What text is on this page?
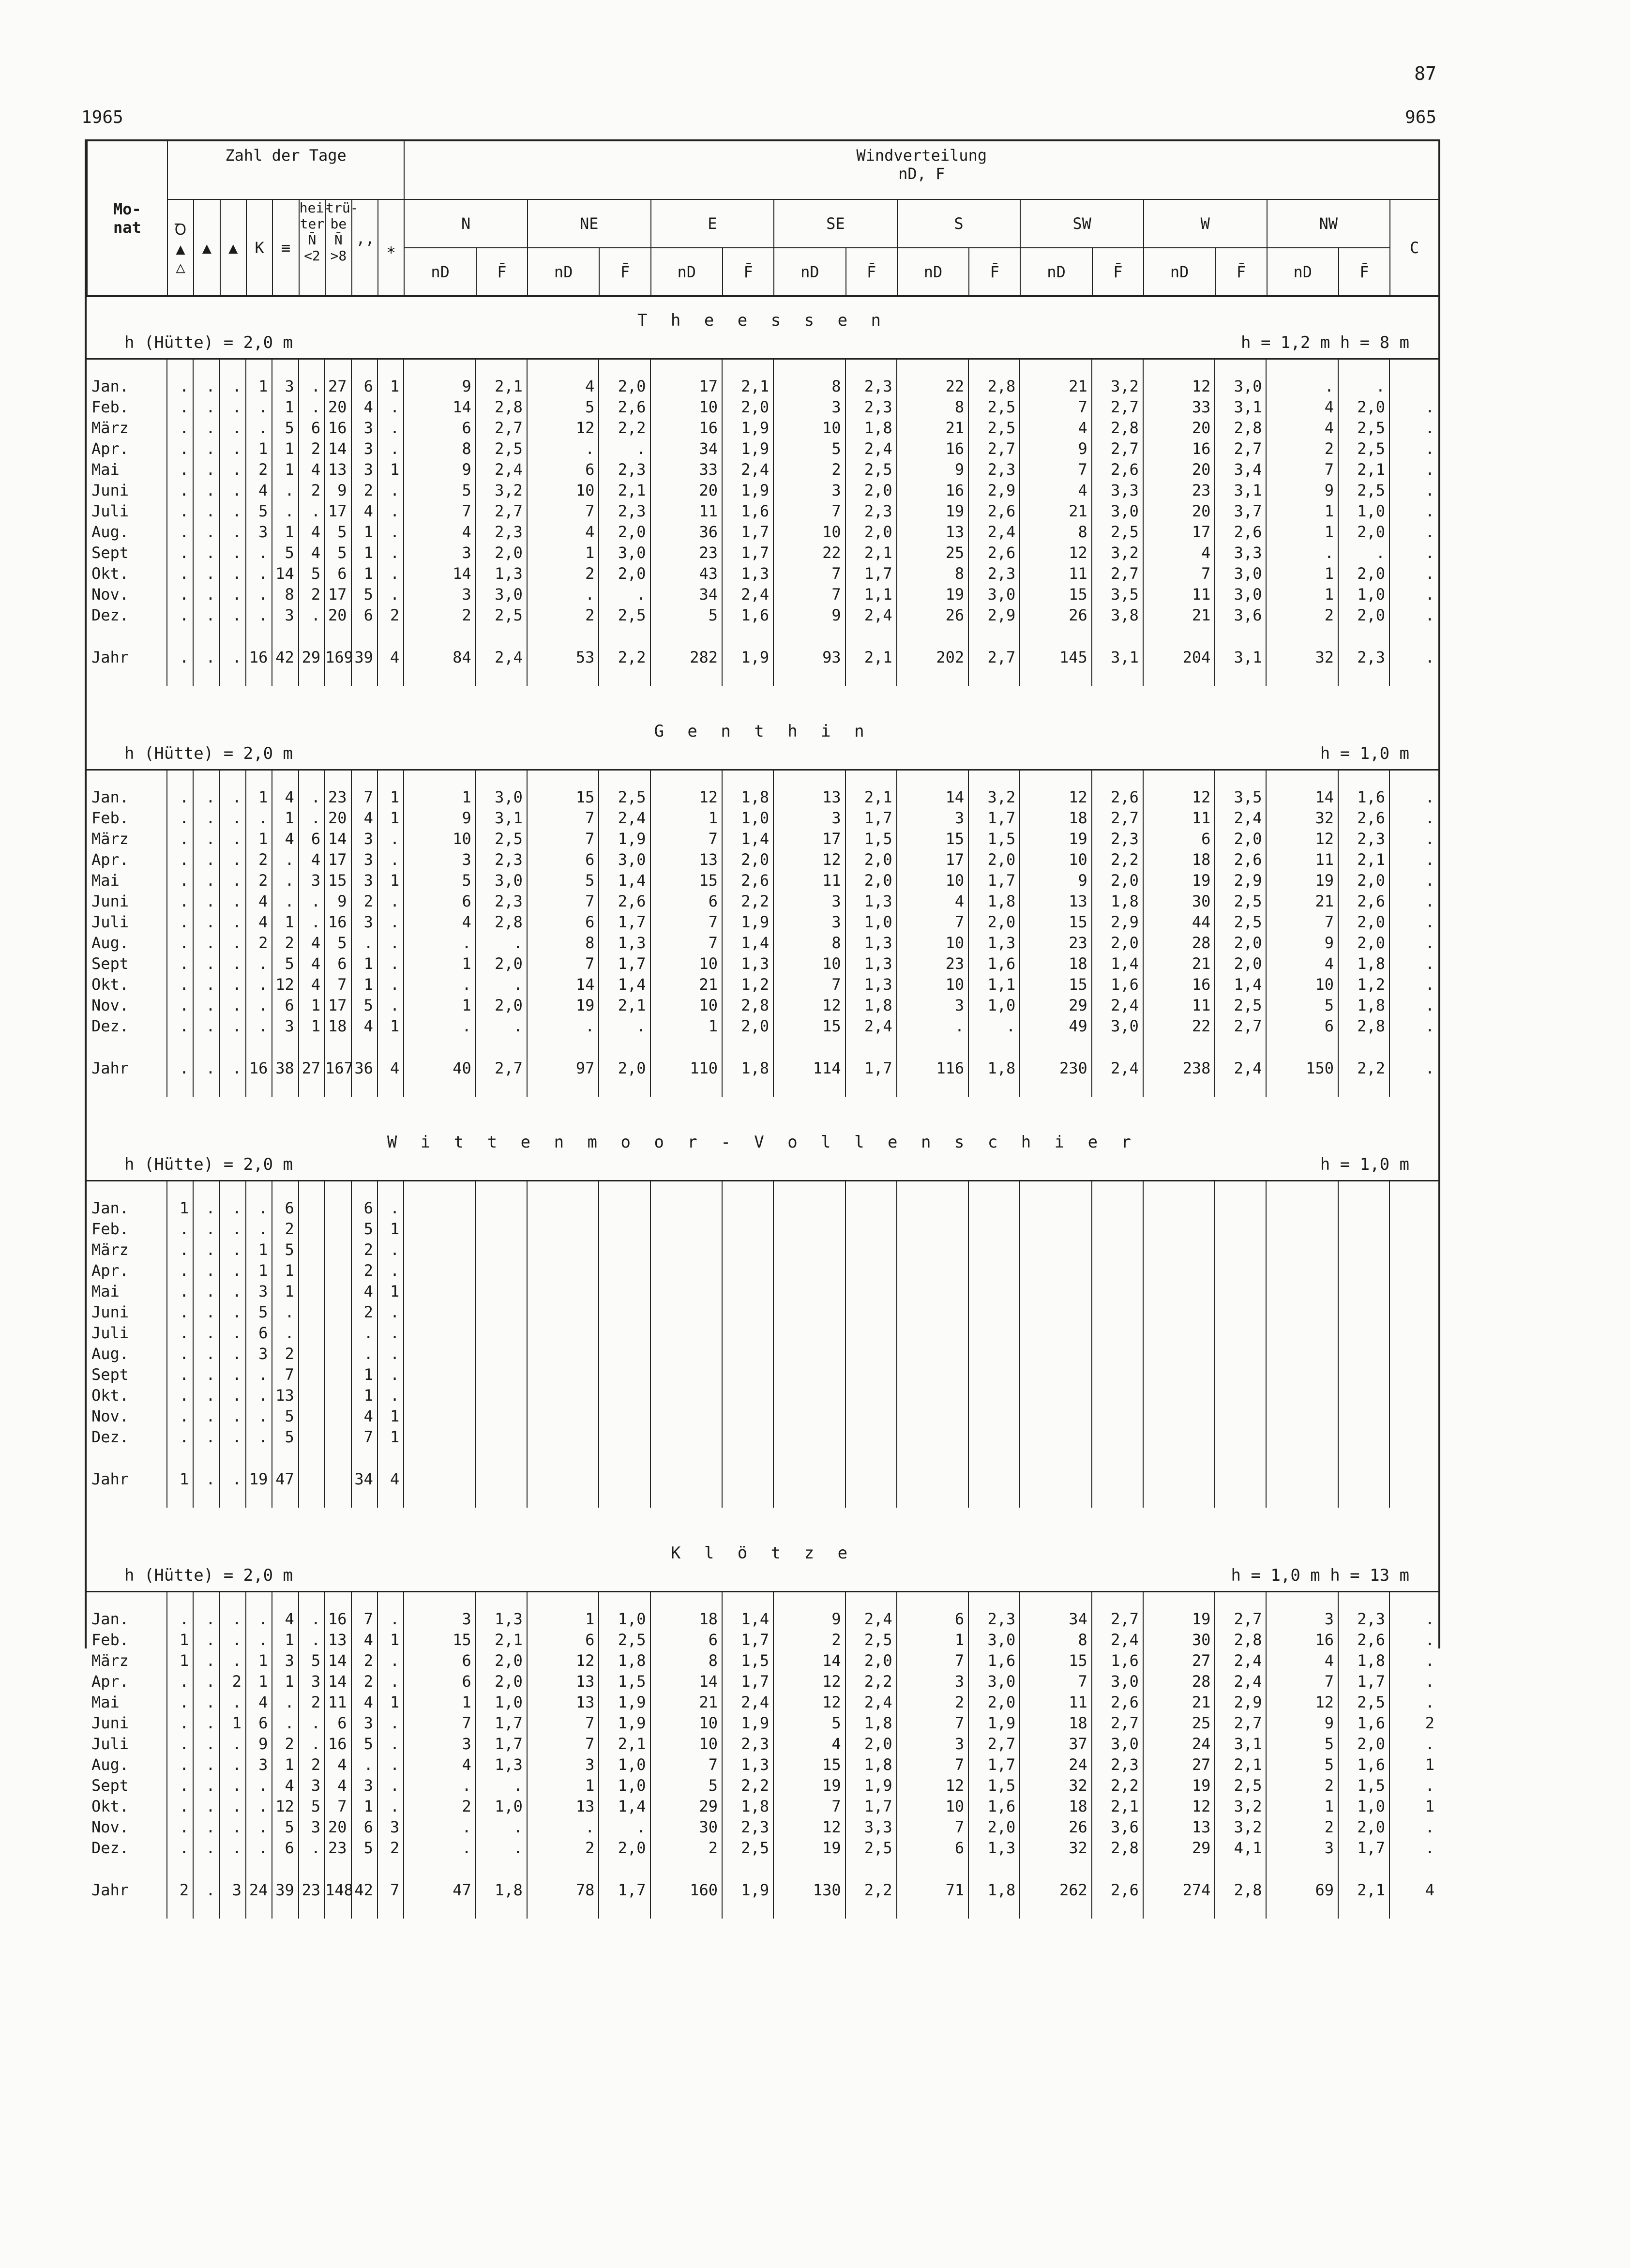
87
1965	965
Mo-
nat	Zahl der Tage									Windverteilung
nD, F																
	Ꝺ
▲
△	▲	▲	K	≡	hei-
ter
N̄
<2	trü-
be
N̄
>8	ʼʼ	⁎	N		NE		E		SE		S		SW		W		NW		C
										nD	F̄	nD	F̄	nD	F̄	nD	F̄	nD	F̄	nD	F̄	nD	F̄	nD	F̄	
T h e e s s e n
h (Hütte) = 2,0 m	h = 1,2 m h = 8 m

Jan.	.	.	.	1	3	.	27	6	1	9	2,1	4	2,0	17	2,1	8	2,3	22	2,8	21	3,2	12	3,0	.	.	
Feb.	.	.	.	.	1	.	20	4	.	14	2,8	5	2,6	10	2,0	3	2,3	8	2,5	7	2,7	33	3,1	4	2,0	.
März	.	.	.	.	5	6	16	3	.	6	2,7	12	2,2	16	1,9	10	1,8	21	2,5	4	2,8	20	2,8	4	2,5	.
Apr.	.	.	.	1	1	2	14	3	.	8	2,5	.	.	34	1,9	5	2,4	16	2,7	9	2,7	16	2,7	2	2,5	.
Mai	.	.	.	2	1	4	13	3	1	9	2,4	6	2,3	33	2,4	2	2,5	9	2,3	7	2,6	20	3,4	7	2,1	.
Juni	.	.	.	4	.	2	9	2	.	5	3,2	10	2,1	20	1,9	3	2,0	16	2,9	4	3,3	23	3,1	9	2,5	.
Juli	.	.	.	5	.	.	17	4	.	7	2,7	7	2,3	11	1,6	7	2,3	19	2,6	21	3,0	20	3,7	1	1,0	.
Aug.	.	.	.	3	1	4	5	1	.	4	2,3	4	2,0	36	1,7	10	2,0	13	2,4	8	2,5	17	2,6	1	2,0	.
Sept	.	.	.	.	5	4	5	1	.	3	2,0	1	3,0	23	1,7	22	2,1	25	2,6	12	3,2	4	3,3	.	.	.
Okt.	.	.	.	.	14	5	6	1	.	14	1,3	2	2,0	43	1,3	7	1,7	8	2,3	11	2,7	7	3,0	1	2,0	.
Nov.	.	.	.	.	8	2	17	5	.	3	3,0	.	.	34	2,4	7	1,1	19	3,0	15	3,5	11	3,0	1	1,0	.
Dez.	.	.	.	.	3	.	20	6	2	2	2,5	2	2,5	5	1,6	9	2,4	26	2,9	26	3,8	21	3,6	2	2,0	.

Jahr	.	.	.	16	42	29	169	39	4	84	2,4	53	2,2	282	1,9	93	2,1	202	2,7	145	3,1	204	3,1	32	2,3	.

G e n t h i n
h (Hütte) = 2,0 m	h = 1,0 m

Jan.	.	.	.	1	4	.	23	7	1	1	3,0	15	2,5	12	1,8	13	2,1	14	3,2	12	2,6	12	3,5	14	1,6	.
Feb.	.	.	.	.	1	.	20	4	1	9	3,1	7	2,4	1	1,0	3	1,7	3	1,7	18	2,7	11	2,4	32	2,6	.
März	.	.	.	1	4	6	14	3	.	10	2,5	7	1,9	7	1,4	17	1,5	15	1,5	19	2,3	6	2,0	12	2,3	.
Apr.	.	.	.	2	.	4	17	3	.	3	2,3	6	3,0	13	2,0	12	2,0	17	2,0	10	2,2	18	2,6	11	2,1	.
Mai	.	.	.	2	.	3	15	3	1	5	3,0	5	1,4	15	2,6	11	2,0	10	1,7	9	2,0	19	2,9	19	2,0	.
Juni	.	.	.	4	.	.	9	2	.	6	2,3	7	2,6	6	2,2	3	1,3	4	1,8	13	1,8	30	2,5	21	2,6	.
Juli	.	.	.	4	1	.	16	3	.	4	2,8	6	1,7	7	1,9	3	1,0	7	2,0	15	2,9	44	2,5	7	2,0	.
Aug.	.	.	.	2	2	4	5	.	.	.	.	8	1,3	7	1,4	8	1,3	10	1,3	23	2,0	28	2,0	9	2,0	.
Sept	.	.	.	.	5	4	6	1	.	1	2,0	7	1,7	10	1,3	10	1,3	23	1,6	18	1,4	21	2,0	4	1,8	.
Okt.	.	.	.	.	12	4	7	1	.	.	.	14	1,4	21	1,2	7	1,3	10	1,1	15	1,6	16	1,4	10	1,2	.
Nov.	.	.	.	.	6	1	17	5	.	1	2,0	19	2,1	10	2,8	12	1,8	3	1,0	29	2,4	11	2,5	5	1,8	.
Dez.	.	.	.	.	3	1	18	4	1	.	.	.	.	1	2,0	15	2,4	.	.	49	3,0	22	2,7	6	2,8	.

Jahr	.	.	.	16	38	27	167	36	4	40	2,7	97	2,0	110	1,8	114	1,7	116	1,8	230	2,4	238	2,4	150	2,2	.

W i t t e n m o o r - V o l l e n s c h i e r
h (Hütte) = 2,0 m	h = 1,0 m

Jan.	1	.	.	.	6			6	.																	
Feb.	.	.	.	.	2			5	1																	
März	.	.	.	1	5			2	.																	
Apr.	.	.	.	1	1			2	.																	
Mai	.	.	.	3	1			4	1																	
Juni	.	.	.	5	.			2	.																	
Juli	.	.	.	6	.			.	.																	
Aug.	.	.	.	3	2			.	.																	
Sept	.	.	.	.	7			1	.																	
Okt.	.	.	.	.	13			1	.																	
Nov.	.	.	.	.	5			4	1																	
Dez.	.	.	.	.	5			7	1																	

Jahr	1	.	.	19	47			34	4																	

K l ö t z e
h (Hütte) = 2,0 m	h = 1,0 m h = 13 m

Jan.	.	.	.	.	4	.	16	7	.	3	1,3	1	1,0	18	1,4	9	2,4	6	2,3	34	2,7	19	2,7	3	2,3	.
Feb.	1	.	.	.	1	.	13	4	1	15	2,1	6	2,5	6	1,7	2	2,5	1	3,0	8	2,4	30	2,8	16	2,6	.
März	1	.	.	1	3	5	14	2	.	6	2,0	12	1,8	8	1,5	14	2,0	7	1,6	15	1,6	27	2,4	4	1,8	.
Apr.	.	.	2	1	1	3	14	2	.	6	2,0	13	1,5	14	1,7	12	2,2	3	3,0	7	3,0	28	2,4	7	1,7	.
Mai	.	.	.	4	.	2	11	4	1	1	1,0	13	1,9	21	2,4	12	2,4	2	2,0	11	2,6	21	2,9	12	2,5	.
Juni	.	.	1	6	.	.	6	3	.	7	1,7	7	1,9	10	1,9	5	1,8	7	1,9	18	2,7	25	2,7	9	1,6	2
Juli	.	.	.	9	2	.	16	5	.	3	1,7	7	2,1	10	2,3	4	2,0	3	2,7	37	3,0	24	3,1	5	2,0	.
Aug.	.	.	.	3	1	2	4	.	.	4	1,3	3	1,0	7	1,3	15	1,8	7	1,7	24	2,3	27	2,1	5	1,6	1
Sept	.	.	.	.	4	3	4	3	.	.	.	1	1,0	5	2,2	19	1,9	12	1,5	32	2,2	19	2,5	2	1,5	.
Okt.	.	.	.	.	12	5	7	1	.	2	1,0	13	1,4	29	1,8	7	1,7	10	1,6	18	2,1	12	3,2	1	1,0	1
Nov.	.	.	.	.	5	3	20	6	3	.	.	.	.	30	2,3	12	3,3	7	2,0	26	3,6	13	3,2	2	2,0	.
Dez.	.	.	.	.	6	.	23	5	2	.	.	2	2,0	2	2,5	19	2,5	6	1,3	32	2,8	29	4,1	3	1,7	.

Jahr	2	.	3	24	39	23	148	42	7	47	1,8	78	1,7	160	1,9	130	2,2	71	1,8	262	2,6	274	2,8	69	2,1	4
